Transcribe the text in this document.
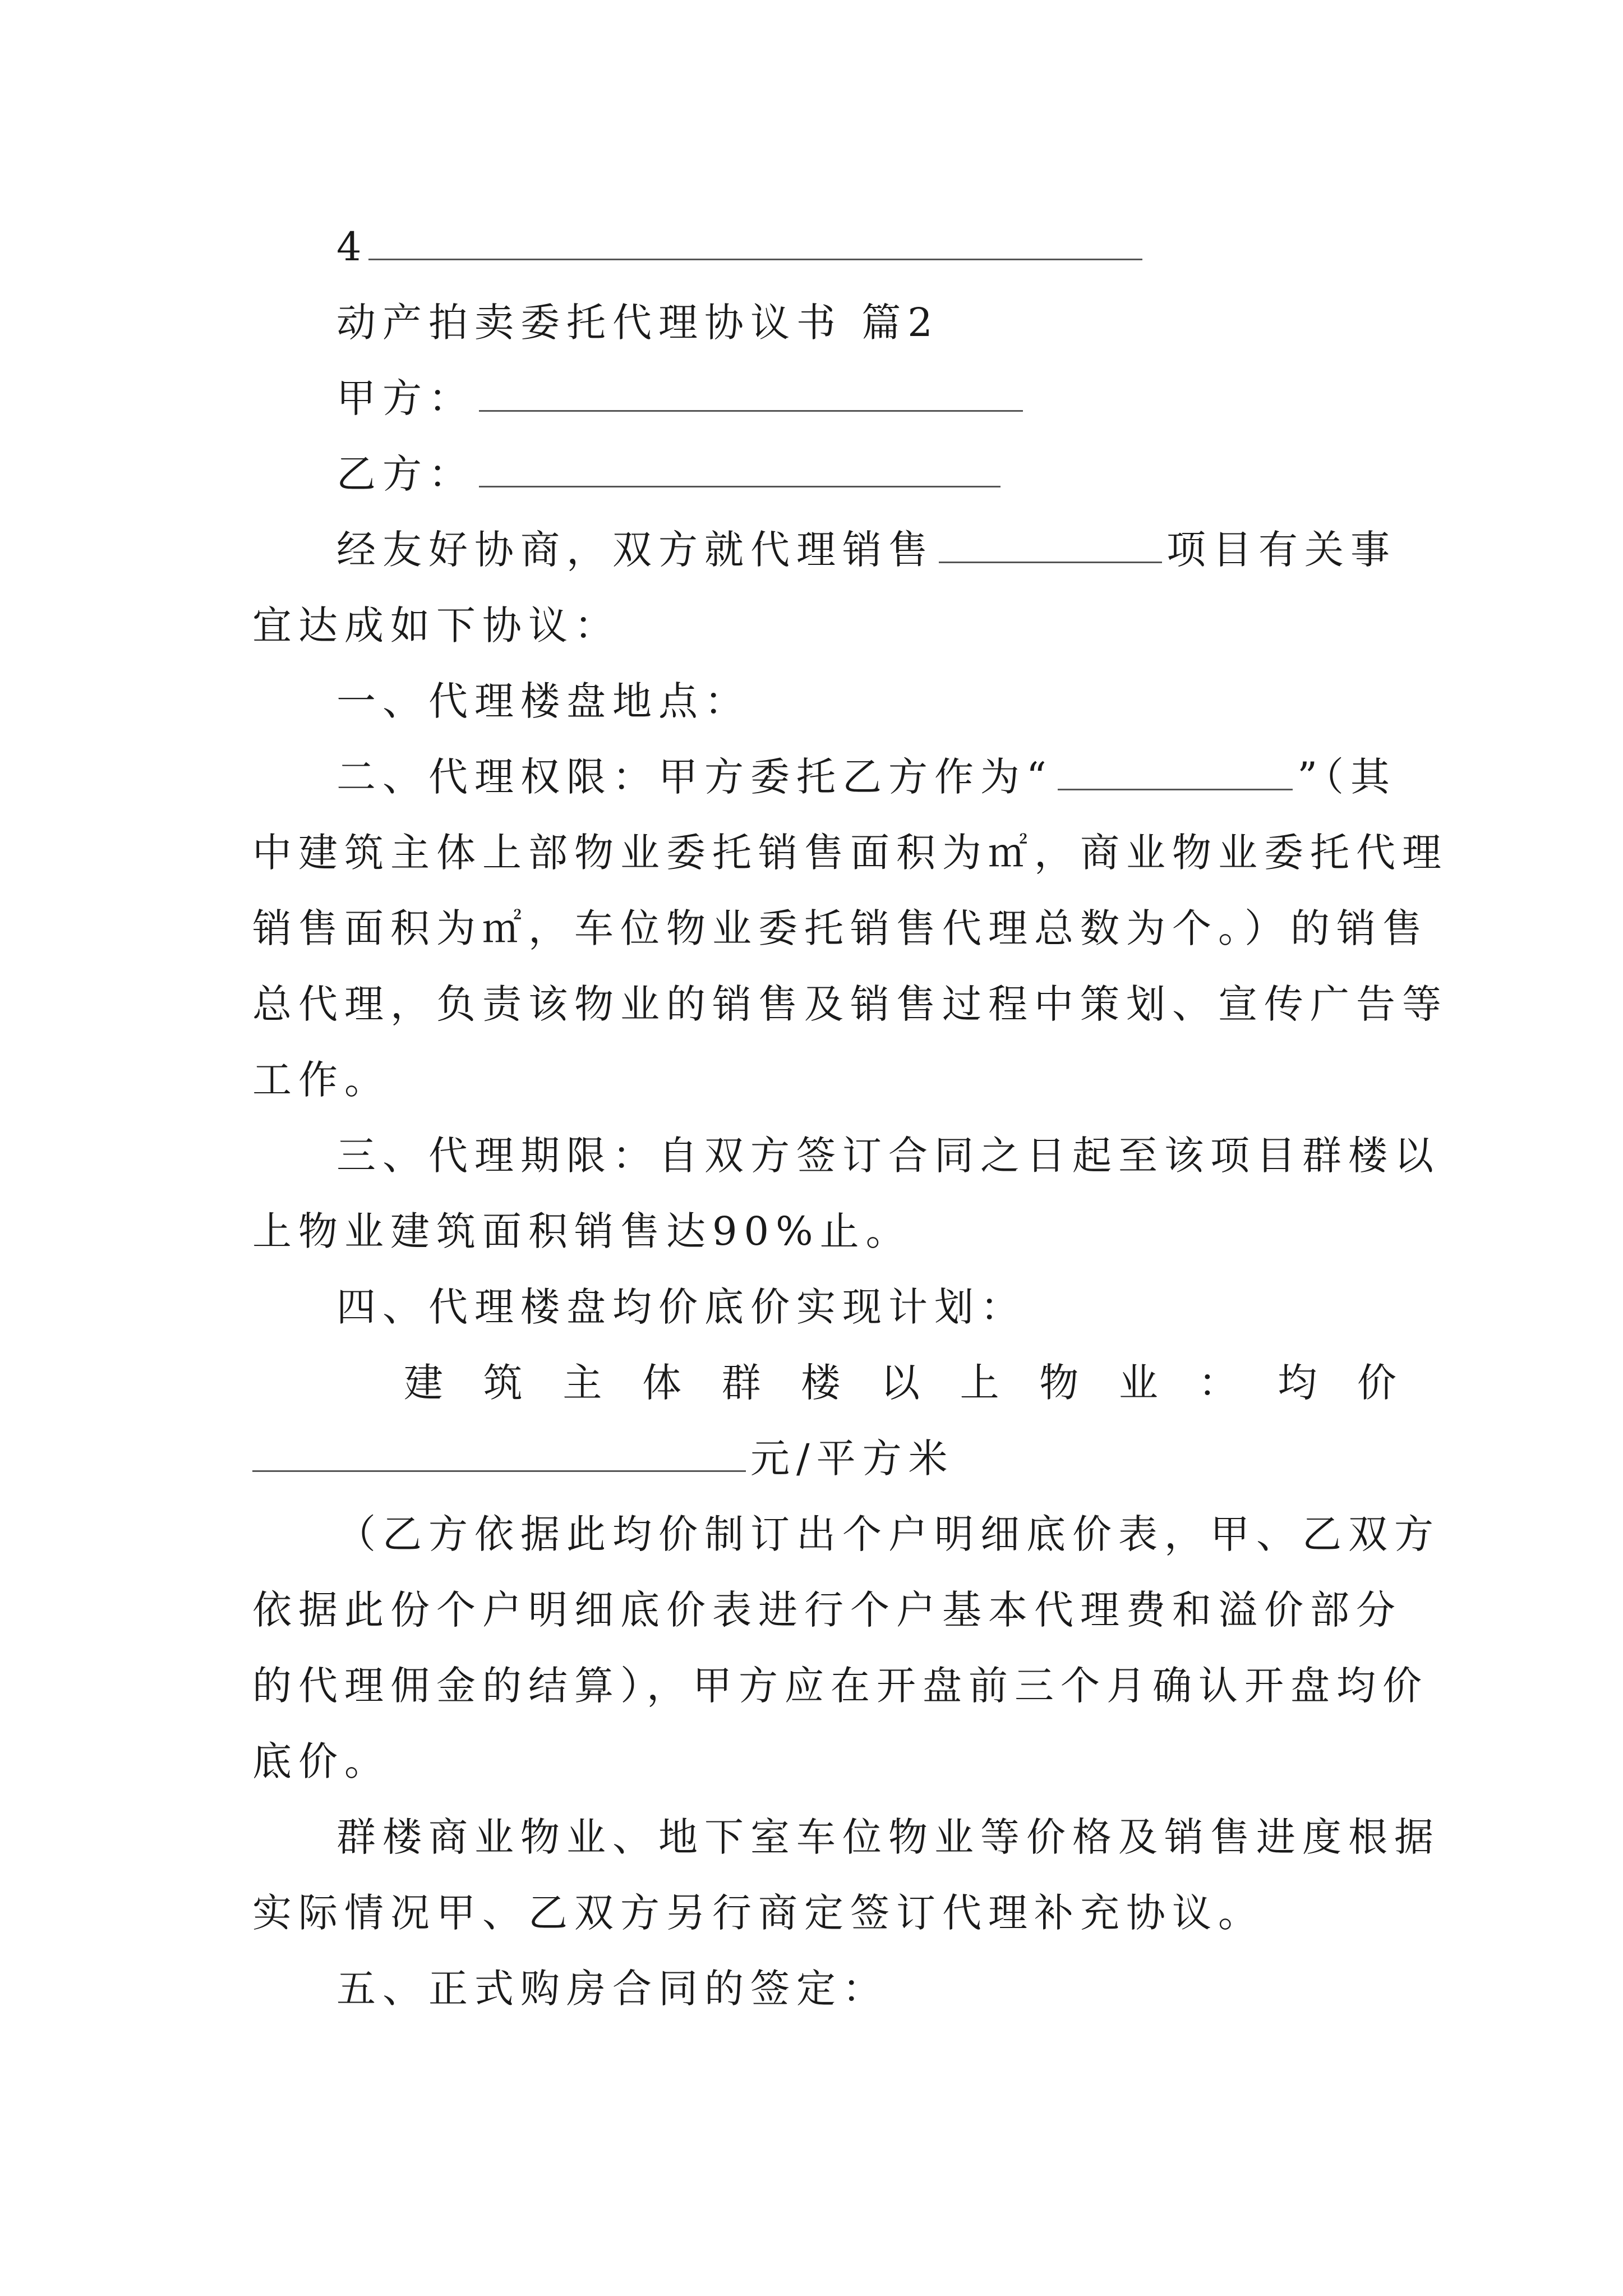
4
动产拍卖委托代理协议书 篇2
甲方：
乙方：
经友好协商，双方就代理销售	项目有关事
宜达成如下协议：
一、代理楼盘地点：
二、代理权限：甲方委托乙方作为“	”（其
中建筑主体上部物业委托销售面积为㎡，商业物业委托代理
销售面积为㎡，车位物业委托销售代理总数为个。）的销售
总代理，负责该物业的销售及销售过程中策划、宣传广告等
工作。
三、代理期限：自双方签订合同之日起至该项目群楼以
上物业建筑面积销售达90%止。
四、代理楼盘均价底价实现计划：
建 筑 主 体 群 楼 以 上 物 业 ： 均 价
元/平方米
（乙方依据此均价制订出个户明细底价表，甲、乙双方
依据此份个户明细底价表进行个户基本代理费和溢价部分
的代理佣金的结算），甲方应在开盘前三个月确认开盘均价
底价。
群楼商业物业、地下室车位物业等价格及销售进度根据
实际情况甲、乙双方另行商定签订代理补充协议。
五、正式购房合同的签定：
